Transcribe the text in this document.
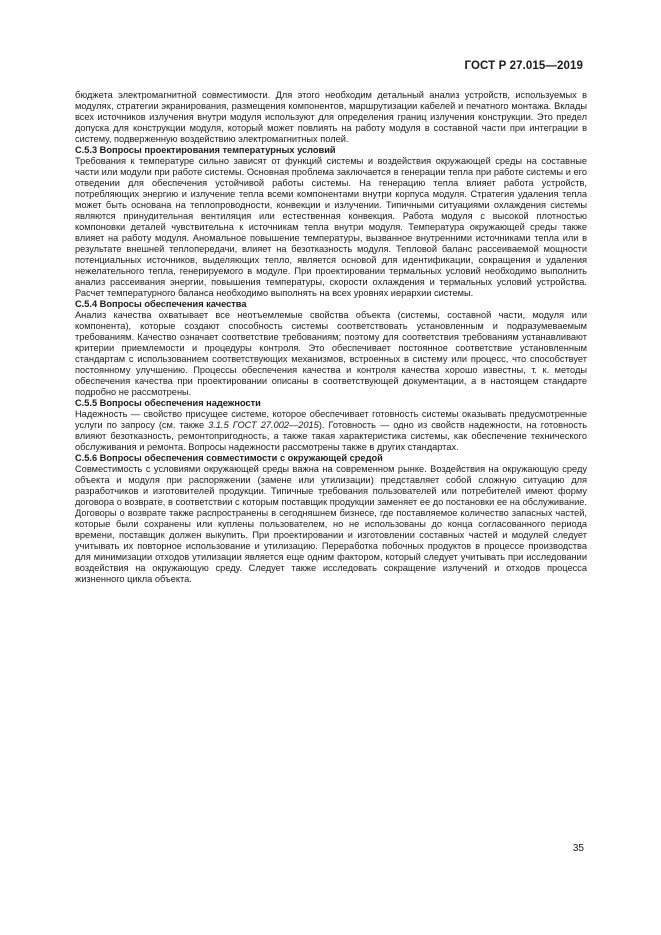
ГОСТ Р 27.015—2019

бюджета электромагнитной совместимости. Для этого необходим детальный анализ устройств, используемых в модулях, стратегии экранирования, размещения компонентов, маршрутизации кабелей и печатного монтажа. Вклады всех источников излучения внутри модуля используют для определения границ излучения конструкции. Это предел допуска для конструкции модуля, который может повлиять на работу модуля в составной части при интеграции в систему, подверженную воздействию электромагнитных полей.

С.5.3 Вопросы проектирования температурных условий

Требования к температуре сильно зависят от функций системы и воздействия окружающей среды на составные части или модули при работе системы. Основная проблема заключается в генерации тепла при работе системы и его отведении для обеспечения устойчивой работы системы. На генерацию тепла влияет работа устройств, потребляющих энергию и излучение тепла всеми компонентами внутри корпуса модуля. Стратегия удаления тепла может быть основана на теплопроводности, конвекции и излучении. Типичными ситуациями охлаждения системы являются принудительная вентиляция или естественная конвекция. Работа модуля с высокой плотностью компоновки деталей чувствительна к источникам тепла внутри модуля. Температура окружающей среды также влияет на работу модуля. Аномальное повышение температуры, вызванное внутренними источниками тепла или в результате внешней теплопередачи, влияет на безотказность модуля. Тепловой баланс рассеиваемой мощности потенциальных источников, выделяющих тепло, является основой для идентификации, сокращения и удаления нежелательного тепла, генерируемого в модуле. При проектировании термальных условий необходимо выполнить анализ рассеивания энергии, повышения температуры, скорости охлаждения и термальных условий устройства. Расчет температурного баланса необходимо выполнять на всех уровнях иерархии системы.

С.5.4 Вопросы обеспечения качества

Анализ качества охватывает все неотъемлемые свойства объекта (системы, составной части, модуля или компонента), которые создают способность системы соответствовать установленным и подразумеваемым требованиям. Качество означает соответствие требованиям; поэтому для соответствия требованиям устанавливают критерии приемлемости и процедуры контроля. Это обеспечивает постоянное соответствие установленным стандартам с использованием соответствующих механизмов, встроенных в систему или процесс, что способствует постоянному улучшению. Процессы обеспечения качества и контроля качества хорошо известны, т. к. методы обеспечения качества при проектировании описаны в соответствующей документации, а в настоящем стандарте подробно не рассмотрены.

С.5.5 Вопросы обеспечения надежности

Надежность — свойство присущее системе, которое обеспечивает готовность системы оказывать предусмотренные услуги по запросу (см. также 3.1.5 ГОСТ 27.002—2015). Готовность — одно из свойств надежности, на готовность влияют безотказность, ремонтопригодность, а также такая характеристика системы, как обеспечение технического обслуживания и ремонта. Вопросы надежности рассмотрены также в других стандартах.

С.5.6 Вопросы обеспечения совместимости с окружающей средой

Совместимость с условиями окружающей среды важна на современном рынке. Воздействия на окружающую среду объекта и модуля при распоряжении (замене или утилизации) представляет собой сложную ситуацию для разработчиков и изготовителей продукции. Типичные требования пользователей или потребителей имеют форму договора о возврате, в соответствии с которым поставщик продукции заменяет ее до постановки ее на обслуживание. Договоры о возврате также распространены в сегодняшнем бизнесе, где поставляемое количество запасных частей, которые были сохранены или куплены пользователем, но не использованы до конца согласованного периода времени, поставщик должен выкупить. При проектировании и изготовлении составных частей и модулей следует учитывать их повторное использование и утилизацию. Переработка побочных продуктов в процессе производства для минимизации отходов утилизации является еще одним фактором, который следует учитывать при исследовании воздействия на окружающую среду. Следует также исследовать сокращение излучений и отходов процесса жизненного цикла объекта.

35
